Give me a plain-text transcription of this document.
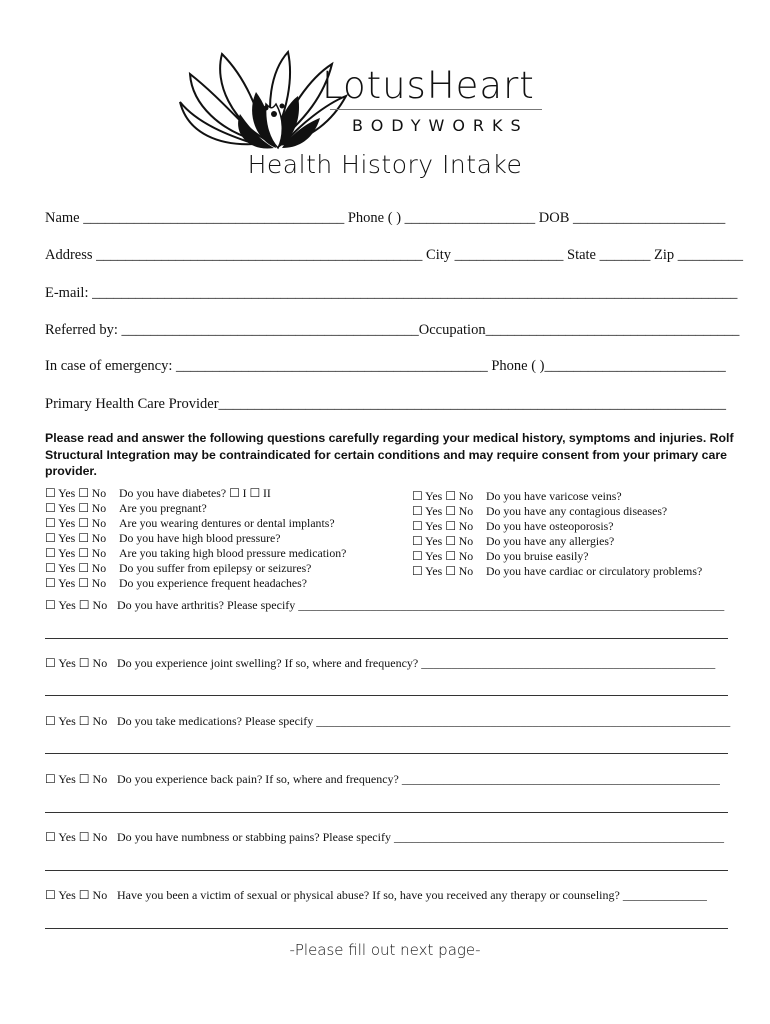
LotusHeart
BODYWORKS
Health History Intake
Name ____________________________________ Phone ( ) __________________ DOB _____________________
Address _____________________________________________ City _______________ State _______ Zip _________
E-mail: _________________________________________________________________________________________
Referred by: _________________________________________Occupation___________________________________
In case of emergency: ___________________________________________ Phone ( )_________________________
Primary Health Care Provider______________________________________________________________________
Please read and answer the following questions carefully regarding your medical history, symptoms and injuries. Rolf Structural Integration may be contraindicated for certain conditions and may require consent from your primary care provider.
☐ Yes ☐ No Do you have diabetes? ☐ I ☐ II
☐ Yes ☐ No Are you pregnant?
☐ Yes ☐ No Are you wearing dentures or dental implants?
☐ Yes ☐ No Do you have high blood pressure?
☐ Yes ☐ No Are you taking high blood pressure medication?
☐ Yes ☐ No Do you suffer from epilepsy or seizures?
☐ Yes ☐ No Do you experience frequent headaches?
☐ Yes ☐ No Do you have varicose veins?
☐ Yes ☐ No Do you have any contagious diseases?
☐ Yes ☐ No Do you have osteoporosis?
☐ Yes ☐ No Do you have any allergies?
☐ Yes ☐ No Do you bruise easily?
☐ Yes ☐ No Do you have cardiac or circulatory problems?
☐ Yes ☐ No Do you have arthritis? Please specify _______________________________________________________________________
☐ Yes ☐ No Do you experience joint swelling? If so, where and frequency? _________________________________________________
☐ Yes ☐ No Do you take medications? Please specify _____________________________________________________________________
☐ Yes ☐ No Do you experience back pain? If so, where and frequency? _____________________________________________________
☐ Yes ☐ No Do you have numbness or stabbing pains? Please specify _______________________________________________________
☐ Yes ☐ No Have you been a victim of sexual or physical abuse? If so, have you received any therapy or counseling? ______________
-Please fill out next page-
